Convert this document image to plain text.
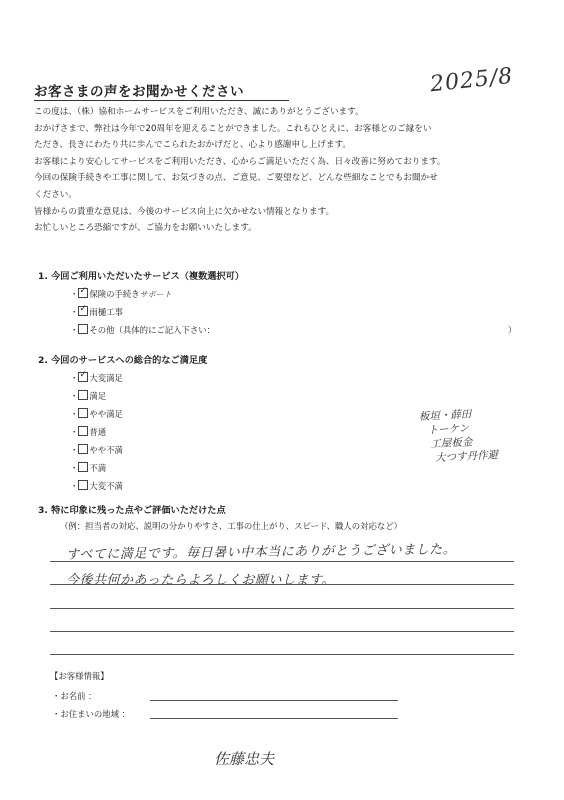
お客さまの声をお聞かせください	2025/8

この度は、（株）協和ホームサービスをご利用いただき、誠にありがとうございます。

おかげさまで、弊社は今年で20周年を迎えることができました。これもひとえに、お客様とのご縁をい

ただき、長きにわたり共に歩んでこられたおかげだと、心より感謝申し上げます。

お客様により安心してサービスをご利用いただき、心からご満足いただく為、日々改善に努めております。

今回の保険手続きや工事に関して、お気づきの点、ご意見、ご要望など、どんな些細なことでもお聞かせ

ください。

皆様からの貴重な意見は、今後のサービス向上に欠かせない情報となります。

お忙しいところ恐縮ですが、ご協力をお願いいたします。

1. 今回ご利用いただいたサービス（複数選択可）
・ ✓ 保険の手続きサポート
・ ✓ 雨樋工事
・ その他（具体的にご記入下さい：	）
2. 今回のサービスへの総合的なご満足度
・ ✓ 大変満足
・ 満足
・ やや満足
・ 普通
・ やや不満
・ 不満
・ 大変不満
板垣・薛田
トーケン
工屋板金
大つす丹作避
3. 特に印象に残った点やご評価いただけた点
（例：担当者の対応、説明の分かりやすさ、工事の仕上がり、スピード、職人の対応など）
すべてに満足です。毎日暑い中本当にありがとうございました。
今後共何かあったらよろしくお願いします。
【お客様情報】
・お名前 ：
・お住まいの地域 ：
佐藤忠夫
